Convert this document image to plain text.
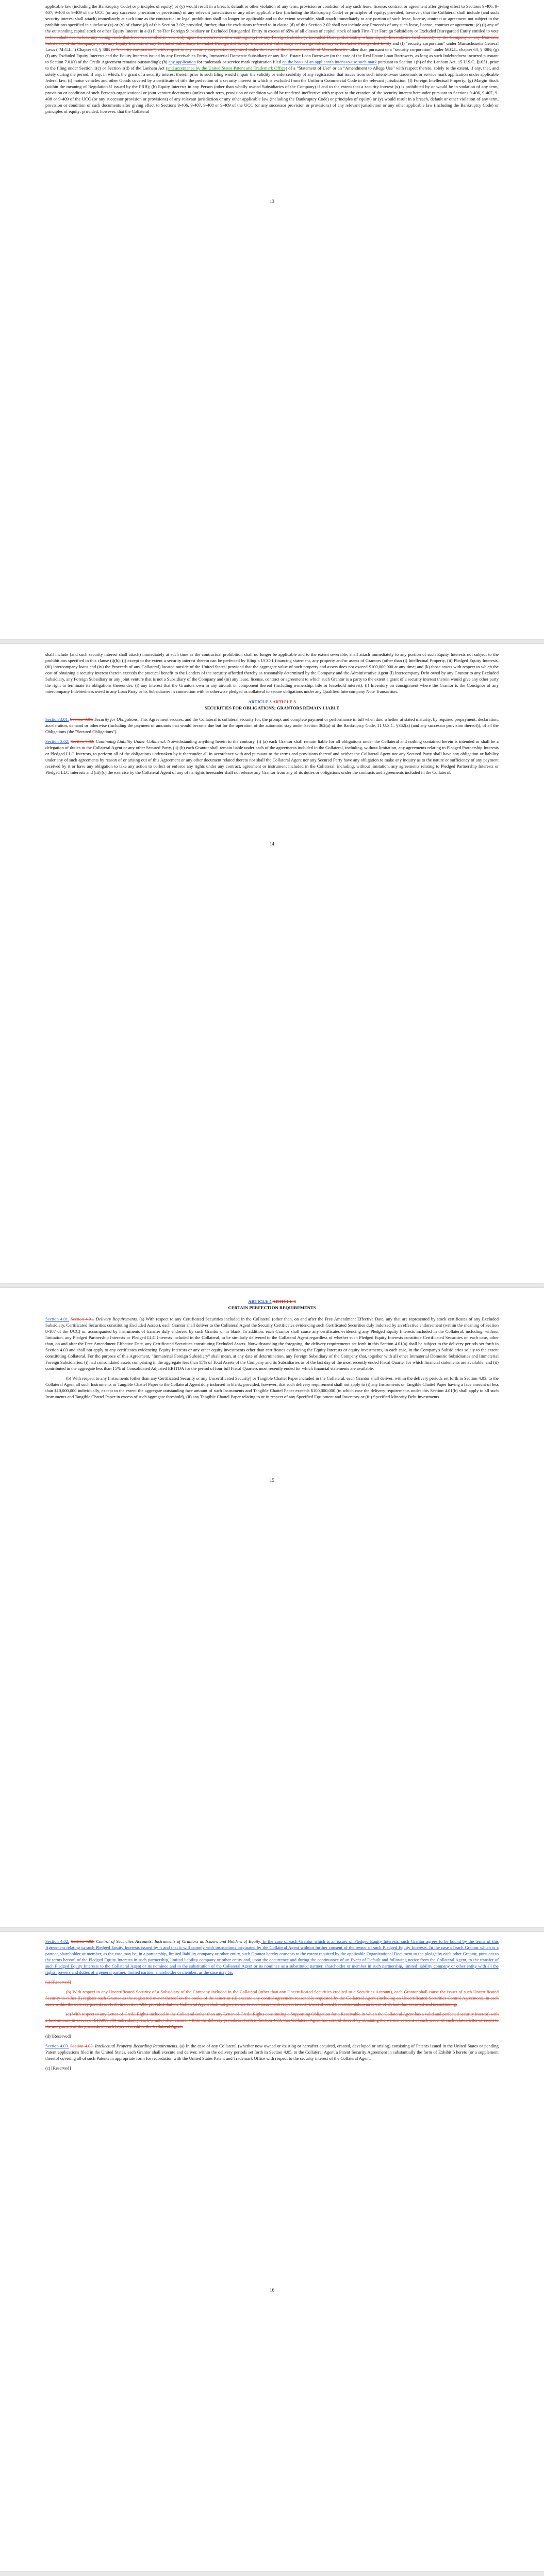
applicable law (including the Bankruptcy Code) or principles of equity) or (y) would result in a breach, default or other violation of any term, provision or condition of any such lease, license, contract or agreement after giving effect to Sections 9-406, 9-407, 9-408 or 9-409 of the UCC (or any successor provision or provisions) of any relevant jurisdiction or any other applicable law (including the Bankruptcy Code) or principles of equity; provided, however, that the Collateral shall include (and such security interest shall attach) immediately at such time as the contractual or legal prohibition shall no longer be applicable and to the extent severable, shall attach immediately to any portion of such lease, license, contract or agreement not subject to the prohibitions specified in subclause (x) or (y) of clause (d) of this Section 2.02; provided, further, that the exclusions referred to in clause (d) of this Section 2.02 shall not include any Proceeds of any such lease, license, contract or agreement; (e) (i) any of the outstanding capital stock or other Equity Interest in a (i) First-Tier Foreign Subsidiary or Excluded Disregarded Entity in excess of 65% of all classes of capital stock of such First-Tier Foreign Subsidiary or Excluded Disregarded Entity entitled to vote (which shall not include any voting stock that becomes entitled to vote only upon the occurrence of a contingency) of any Foreign Subsidiary, Excluded Disregarded Entity whose Equity Interests are held directly by the Company or any Domestic Subsidiary of the Company, or (ii) any Equity Interests of any Excluded Subsidiary, Excluded Disregarded Entity, Unrestricted Subsidiary, or Foreign Subsidiary or Excluded Disregarded Entity and (f) "security corporation" under Massachusetts General Laws ("M.G.L.") Chapter 63, § 38B (a "security corporation") with respect to any security corporation organized under the laws of the Commonwealth of Massachusetts, other than pursuant to a "security corporation" under M.G.L. chapter 63, § 38B; (g) (f) any Excluded Equity Interests and the Equity Interests issued by any Receivables Entity, Immaterial Domestic Subsidiary or any Real Estate Loan Borrower (to the case of the Real Estate Loan Borrowers, as long as such Indebtedness incurred pursuant to Section 7.01(r) of the Credit Agreement remains outstanding); (h) any application for trademark or service mark registration filed on the basis of an applicant's intent-to-use such mark pursuant to Section 1(b) of the Lanham Act, 15 U.S.C. §1051, prior to the filing under Section 1(c) or Section 1(d) of the Lanham Act (and acceptance by the United States Patent and Trademark Office) of a "Statement of Use" or an "Amendment to Allege Use" with respect thereto, solely to the extent, if any, that, and solely during the period, if any, in which, the grant of a security interest therein prior to such filing would impair the validity or enforceability of any registration that issues from such intent-to-use trademark or service mark application under applicable federal law; (i) motor vehicles and other Goods covered by a certificate of title the perfection of a security interest in which is excluded from the Uniform Commercial Code in the relevant jurisdiction; (f) Foreign Intellectual Property; (g) Margin Stock (within the meaning of Regulation U issued by the FRB); (h) Equity Interests in any Person (other than wholly owned Subsidiaries of the Company) if and to the extent that a security interest (x) is prohibited by or would be in violation of any term, provision or condition of such Person's organizational or joint venture documents (unless such term, provision or condition would be rendered ineffective with respect to the creation of the security interest hereunder pursuant to Sections 9-406, 9-407, 9-408 or 9-409 of the UCC (or any successor provision or provisions) of any relevant jurisdiction or any other applicable law (including the Bankruptcy Code) or principles of equity) or (y) would result in a breach, default or other violation of any term, provision or condition of such documents after giving effect to Sections 9-406, 9-407, 9-408 or 9-409 of the UCC (or any successor provision or provisions) of any relevant jurisdiction or any other applicable law (including the Bankruptcy Code) or principles of equity; provided, however, that the Collateral

13

shall include (and such security interest shall attach) immediately at such time as the contractual prohibition shall no longer be applicable and to the extent severable, shall attach immediately to any portion of such Equity Interests not subject to the prohibitions specified in this clause (i)(h); (j) except to the extent a security interest therein can be perfected by filing a UCC-1 financing statement, any property and/or assets of Grantors (other than (i) Intellectual Property, (ii) Pledged Equity Interests, (iii) intercompany loans and (iv) the Proceeds of any Collateral) located outside of the United States; provided that the aggregate value of such property and assets does not exceed $100,000,000 at any time; and (k) those assets with respect to which the cost of obtaining a security interest therein exceeds the practical benefit to the Lenders of the security afforded thereby as reasonably determined by the Company and the Administrative Agent (l) Intercompany Debt owed by any Grantor to any Excluded Subsidiary, any Foreign Subsidiary or any joint venture that is not a Subsidiary of the Company and (m) any lease, license, contract or agreement to which such Grantor is a party to the extent a grant of a security interest therein would give any other party the right to terminate its obligations thereunder; (l) any interest that the Grantors own in any aircraft or component thereof (including ownership, title or leasehold interest), (l) Inventory on consignment where the Grantor is the Consignor of any intercompany Indebtedness owed to any Loan Party or its Subsidiaries in connection with or otherwise pledged as collateral to secure obligations under any Qualified Intercompany Note Transaction.

ARTICLE 3 ARTICLE 3
SECURITIES FOR OBLIGATIONS; GRANTORS REMAIN LIABLE

Section 3.01. Section 3.01. Security for Obligations. This Agreement secures, and the Collateral is collateral security for, the prompt and complete payment or performance in full when due, whether at stated maturity, by required prepayment, declaration, acceleration, demand or otherwise (including the payment of amounts that would become due but for the operation of the automatic stay under Section 362(a) of the Bankruptcy Code, 11 U.S.C. §362(a) (and any successor provision thereof)), of all the Obligations (the "Secured Obligations").

Section 3.02. Section 3.02. Continuing Liability Under Collateral. Notwithstanding anything herein to the contrary, (i) (a) each Grantor shall remain liable for all obligations under the Collateral and nothing contained herein is intended or shall be a delegation of duties to the Collateral Agent or any other Secured Party, (ii) (b) each Grantor shall remain liable under each of the agreements included in the Collateral, including, without limitation, any agreements relating to Pledged Partnership Interests or Pledged LLC Interests, to perform all of the obligations undertaken by it thereunder all in accordance with and pursuant to the terms and provisions thereof and neither the Collateral Agent nor any Secured Party shall have any obligation or liability under any of such agreements by reason of or arising out of this Agreement or any other document related thereto nor shall the Collateral Agent nor any Secured Party have any obligation to make any inquiry as to the nature or sufficiency of any payment received by it or have any obligation to take any action to collect or enforce any rights under any contract, agreement or instrument included in the Collateral, including, without limitation, any agreements relating to Pledged Partnership Interests or Pledged LLC Interests and (iii) (c) the exercise by the Collateral Agent of any of its rights hereunder shall not release any Grantor from any of its duties or obligations under the contracts and agreements included in the Collateral.

14
ARTICLE 4 ARTICLE 4
CERTAIN PERFECTION REQUIREMENTS

Section 4.01. Section 4.01. Delivery Requirements. (a) With respect to any Certificated Securities included in the Collateral (other than, on and after the Free Amendment Effective Date, any that are represented by stock certificates of any Excluded Subsidiary, Certificated Securities constituting Excluded Assets), each Grantor shall deliver to the Collateral Agent the Security Certificates evidencing such Certificated Securities duly indorsed by an effective endorsement (within the meaning of Section 8-107 of the UCC) or, accompanied by instruments of transfer duly endorsed by such Grantor or in blank. In addition, each Grantor shall cause any certificates evidencing any Pledged Equity Interests included in the Collateral, including, without limitation, any Pledged Partnership Interests or Pledged LLC Interests included in the Collateral, to be similarly delivered to the Collateral Agent regardless of whether such Pledged Equity Interests constitute Certificated Securities on each case, other than, on and after the Free Amendment Effective Date, any Certificated Securities constituting Excluded Assets. Notwithstanding the foregoing, the delivery requirements set forth in this Section 4.01(a) shall be subject to the delivery periods set forth in Section 4.03 and shall not apply to any certificates evidencing Equity Interests or any other equity investments other than certificates evidencing the Equity Interests or equity investments, in each case, in the Company's Subsidiaries solely to the extent constituting Collateral. For the purpose of this Agreement, "Immaterial Foreign Subsidiary" shall mean, at any date of determination, any Foreign Subsidiary of the Company that, together with all other Immaterial Domestic Subsidiaries and Immaterial Foreign Subsidiaries, (i) had consolidated assets comprising in the aggregate less than 15% of Total Assets of the Company and its Subsidiaries as of the last day of the most recently ended Fiscal Quarter for which financial statements are available; and (ii) contributed in the aggregate less than 15% of Consolidated Adjusted EBITDA for the period of four full Fiscal Quarters most recently ended for which financial statements are available.

(b) With respect to any Instruments (other than any Certificated Security or any Uncertificated Security) or Tangible Chattel Paper included in the Collateral, each Grantor shall deliver, within the delivery periods set forth in Section 4.03, to the Collateral Agent all such Instruments or Tangible Chattel Paper to the Collateral Agent duly indorsed in blank; provided, however, that such delivery requirement shall not apply to (i) any Instruments or Tangible Chattel Paper having a face amount of less than $10,000,000 individually, except to the extent the aggregate outstanding face amount of such Instruments and Tangible Chattel Paper exceeds $100,000,000 (in which case the delivery requirements under this Section 4.01(b) shall apply to all such Instruments and Tangible Chattel Paper in excess of such aggregate threshold), (ii) any Tangible Chattel Paper relating to or in respect of any Specified Equipment and Inventory or (iii) Specified Minority Debt Investments.

15

Section 4.02. Section 4.02. Control of Securities Accounts; Instruments of Grantors as Issuers and Holders of Equity. In the case of each Grantor which is an issuer of Pledged Equity Interests, such Grantor agrees to be bound by the terms of this Agreement relating to such Pledged Equity Interests issued by it and that it will comply with instructions originated by the Collateral Agent without further consent of the owner of such Pledged Equity Interests. In the case of each Grantor which is a partner, shareholder or member, as the case may be, in a partnership, limited liability company or other entity, such Grantor hereby consents to the extent required by the applicable Organizational Document to the pledge by each other Grantor, pursuant to the terms hereof, of the Pledged Equity Interests in such partnership, limited liability company or other entity and, upon the occurrence and during the continuance of an Event of Default and following notice from the Collateral Agent, to the transfer of such Pledged Equity Interests to the Collateral Agent or its nominee and to the substitution of the Collateral Agent or its nominee as a substituted partner, shareholder or member in such partnership, limited liability company or other entity with all the rights, powers and duties of a general partner, limited partner, shareholder or member, as the case may be.

(a) [Reserved]

(b) With respect to any Uncertificated Security of a Subsidiary of the Company included in the Collateral (other than any Uncertificated Securities credited to a Securities Account), each Grantor shall cause the issuer of such Uncertificated Security to either (i) register such Grantor as the registered owner thereof on the books of the issuer or (ii) execute any control agreement reasonably requested by the Collateral Agent (including an Uncertificated Securities Control Agreement), in each case, within the delivery periods set forth in Section 4.03, provided that the Collateral Agent shall not give notice to such issuer with respect to such Uncertificated Securities unless an Event of Default has occurred and is continuing.

(c) With respect to any Letter-of-Credit Rights included in the Collateral (other than any Letter-of-Credit Rights constituting a Supporting Obligation for a Receivable in which the Collateral Agent has a valid and perfected security interest) with a face amount in excess of $10,000,000 individually, each Grantor shall ensure, within the delivery periods set forth in Section 4.03, that Collateral Agent has control thereof by obtaining the written consent of each issuer of each related letter of credit to the assignment of the proceeds of such letter of credit to the Collateral Agent.

(d) [Reserved]

Section 4.03. Section 4.03. Intellectual Property Recording Requirements. (a) In the case of any Collateral (whether now owned or existing or hereafter acquired, created, developed or arising) consisting of Patents issued in the United States or pending Patent applications filed in the United States, each Grantor shall execute and deliver, within the delivery periods set forth in Section 4.05, to the Collateral Agent a Patent Security Agreement in substantially the form of Exhibit 6 hereto (or a supplement thereto) covering all of such Patents in appropriate form for recordation with the United States Patent and Trademark Office with respect to the security interest of the Collateral Agent.

(c) [Reserved]

16
